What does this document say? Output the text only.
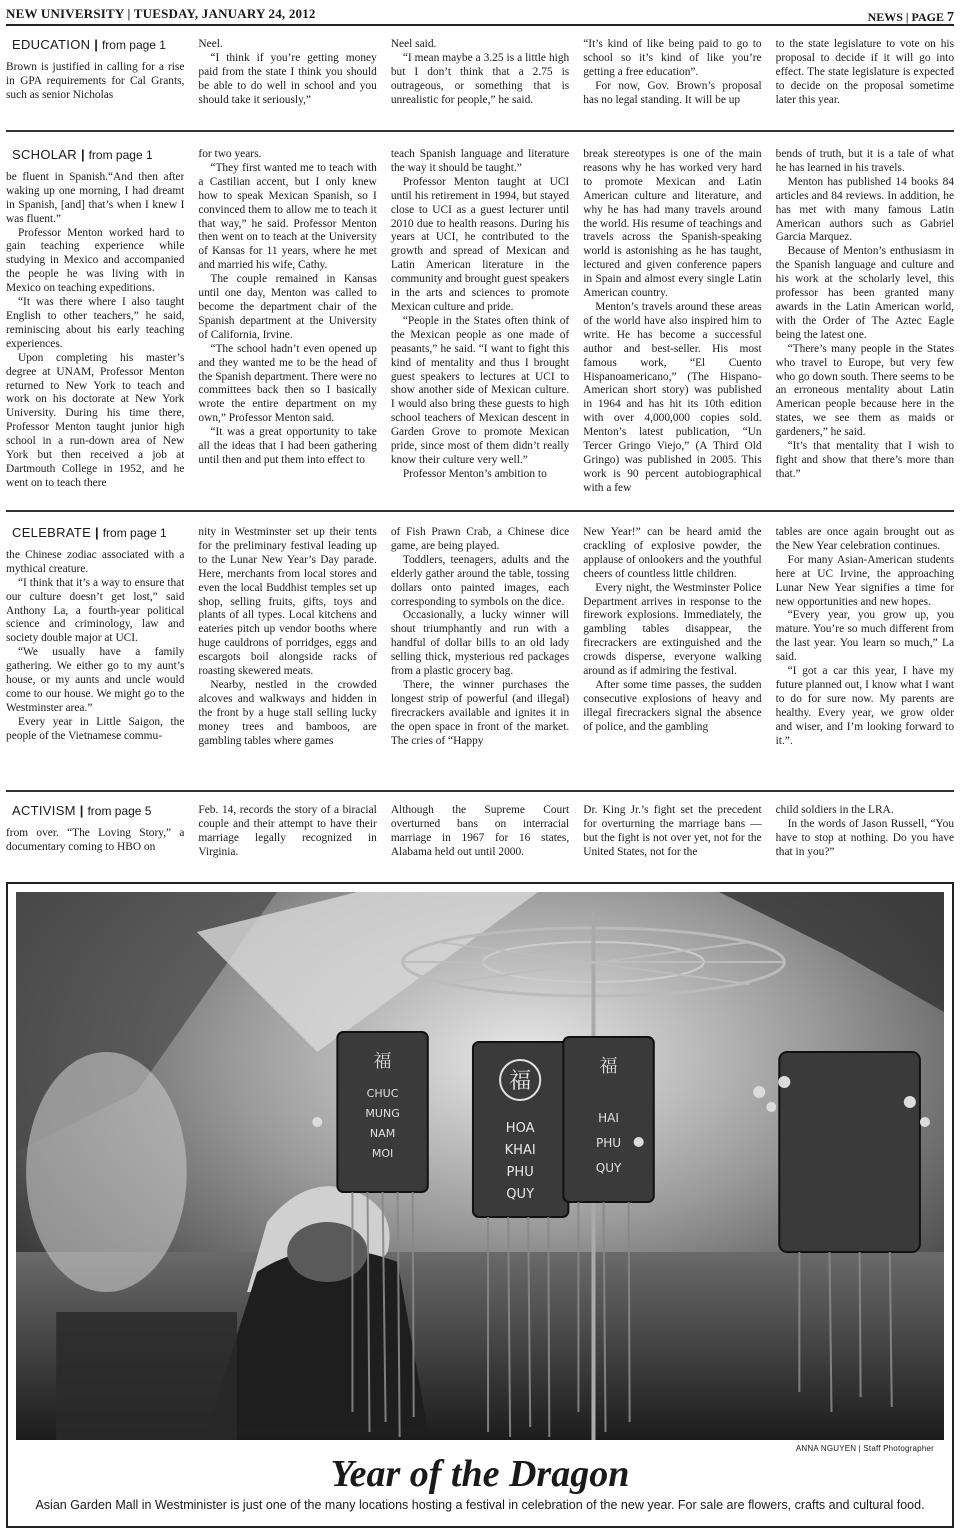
NEW UNIVERSITY | TUESDAY, JANUARY 24, 2012	NEWS | PAGE 7
EDUCATION | from page 1

Brown is justified in calling for a rise in GPA requirements for Cal Grants, such as senior Nicholas

Neel.

“I think if you’re getting money paid from the state I think you should be able to do well in school and you should take it seriously,”

Neel said.

“I mean maybe a 3.25 is a little high but I don’t think that a 2.75 is outrageous, or something that is unrealistic for people,” he said.

“It’s kind of like being paid to go to school so it’s kind of like you’re getting a free education”.

For now, Gov. Brown’s proposal has no legal standing. It will be up

to the state legislature to vote on his proposal to decide if it will go into effect. The state legislature is expected to decide on the proposal sometime later this year.

SCHOLAR | from page 1

be fluent in Spanish.“And then after waking up one morning, I had dreamt in Spanish, [and] that’s when I knew I was fluent.”

Professor Menton worked hard to gain teaching experience while studying in Mexico and accompanied the people he was living with in Mexico on teaching expeditions.

“It was there where I also taught English to other teachers,” he said, reminiscing about his early teaching experiences.

Upon completing his master’s degree at UNAM, Professor Menton returned to New York to teach and work on his doctorate at New York University. During his time there, Professor Menton taught junior high school in a run-down area of New York but then received a job at Dartmouth College in 1952, and he went on to teach there

for two years.

“They first wanted me to teach with a Castilian accent, but I only knew how to speak Mexican Spanish, so I convinced them to allow me to teach it that way,” he said. Professor Menton then went on to teach at the University of Kansas for 11 years, where he met and married his wife, Cathy.

The couple remained in Kansas until one day, Menton was called to become the department chair of the Spanish department at the University of California, Irvine.

“The school hadn’t even opened up and they wanted me to be the head of the Spanish department. There were no committees back then so I basically wrote the entire department on my own,” Professor Menton said.

“It was a great opportunity to take all the ideas that I had been gathering until then and put them into effect to

teach Spanish language and literature the way it should be taught.”

Professor Menton taught at UCI until his retirement in 1994, but stayed close to UCI as a guest lecturer until 2010 due to health reasons. During his years at UCI, he contributed to the growth and spread of Mexican and Latin American literature in the community and brought guest speakers in the arts and sciences to promote Mexican culture and pride.

“People in the States often think of the Mexican people as one made of peasants,” he said. “I want to fight this kind of mentality and thus I brought guest speakers to lectures at UCI to show another side of Mexican culture. I would also bring these guests to high school teachers of Mexican descent in Garden Grove to promote Mexican pride, since most of them didn’t really know their culture very well.”

Professor Menton’s ambition to

break stereotypes is one of the main reasons why he has worked very hard to promote Mexican and Latin American culture and literature, and why he has had many travels around the world. His resume of teachings and travels across the Spanish-speaking world is astonishing as he has taught, lectured and given conference papers in Spain and almost every single Latin American country.

Menton’s travels around these areas of the world have also inspired him to write. He has become a successful author and best-seller. His most famous work, “El Cuento Hispanoamericano,” (The Hispano-American short story) was published in 1964 and has hit its 10th edition with over 4,000,000 copies sold. Menton’s latest publication, “Un Tercer Gringo Viejo,” (A Third Old Gringo) was published in 2005. This work is 90 percent autobiographical with a few

bends of truth, but it is a tale of what he has learned in his travels.

Menton has published 14 books 84 articles and 84 reviews. In addition, he has met with many famous Latin American authors such as Gabriel Garcia Marquez.

Because of Menton’s enthusiasm in the Spanish language and culture and his work at the scholarly level, this professor has been granted many awards in the Latin American world, with the Order of The Aztec Eagle being the latest one.

“There’s many people in the States who travel to Europe, but very few who go down south. There seems to be an erroneous mentality about Latin American people because here in the states, we see them as maids or gardeners,” he said.

“It’s that mentality that I wish to fight and show that there’s more than that.”

CELEBRATE | from page 1

the Chinese zodiac associated with a mythical creature.

“I think that it’s a way to ensure that our culture doesn’t get lost,” said Anthony La, a fourth-year political science and criminology, law and society double major at UCI.

“We usually have a family gathering. We either go to my aunt’s house, or my aunts and uncle would come to our house. We might go to the Westminster area.”

Every year in Little Saigon, the people of the Vietnamese commu-

nity in Westminster set up their tents for the preliminary festival leading up to the Lunar New Year’s Day parade. Here, merchants from local stores and even the local Buddhist temples set up shop, selling fruits, gifts, toys and plants of all types. Local kitchens and eateries pitch up vendor booths where huge cauldrons of porridges, eggs and escargots boil alongside racks of roasting skewered meats.

Nearby, nestled in the crowded alcoves and walkways and hidden in the front by a huge stall selling lucky money trees and bamboos, are gambling tables where games

of Fish Prawn Crab, a Chinese dice game, are being played.

Toddlers, teenagers, adults and the elderly gather around the table, tossing dollars onto painted images, each corresponding to symbols on the dice.

Occasionally, a lucky winner will shout triumphantly and run with a handful of dollar bills to an old lady selling thick, mysterious red packages from a plastic grocery bag.

There, the winner purchases the longest strip of powerful (and illegal) firecrackers available and ignites it in the open space in front of the market. The cries of “Happy

New Year!” can be heard amid the crackling of explosive powder, the applause of onlookers and the youthful cheers of countless little children.

Every night, the Westminster Police Department arrives in response to the firework explosions. Immediately, the gambling tables disappear, the firecrackers are extinguished and the crowds disperse, everyone walking around as if admiring the festival.

After some time passes, the sudden consecutive explosions of heavy and illegal firecrackers signal the absence of police, and the gambling

tables are once again brought out as the New Year celebration continues.

For many Asian-American students here at UC Irvine, the approaching Lunar New Year signifies a time for new opportunities and new hopes.

“Every year, you grow up, you mature. You’re so much different from the last year. You learn so much,” La said.

“I got a car this year, I have my future planned out, I know what I want to do for sure now. My parents are healthy. Every year, we grow older and wiser, and I’m looking forward to it.”.

ACTIVISM | from page 5

from over. “The Loving Story,” a documentary coming to HBO on

Feb. 14, records the story of a biracial couple and their attempt to have their marriage legally recognized in Virginia.

Although the Supreme Court overturned bans on interracial marriage in 1967 for 16 states, Alabama held out until 2000.

Dr. King Jr.’s fight set the precedent for overturning the marriage bans — but the fight is not over yet, not for the United States, not for the

child soldiers in the LRA.

In the words of Jason Russell, “You have to stop at nothing. Do you have that in you?”

福
CHUC
MUNG
NAM
MOI
福
HOA
KHAI
PHU
QUY
福
HAI
PHU
QUY
ANNA NGUYEN | Staff Photographer
Year of the Dragon
Asian Garden Mall in Westminister is just one of the many locations hosting a festival in celebration of the new year. For sale are flowers, crafts and cultural food.
